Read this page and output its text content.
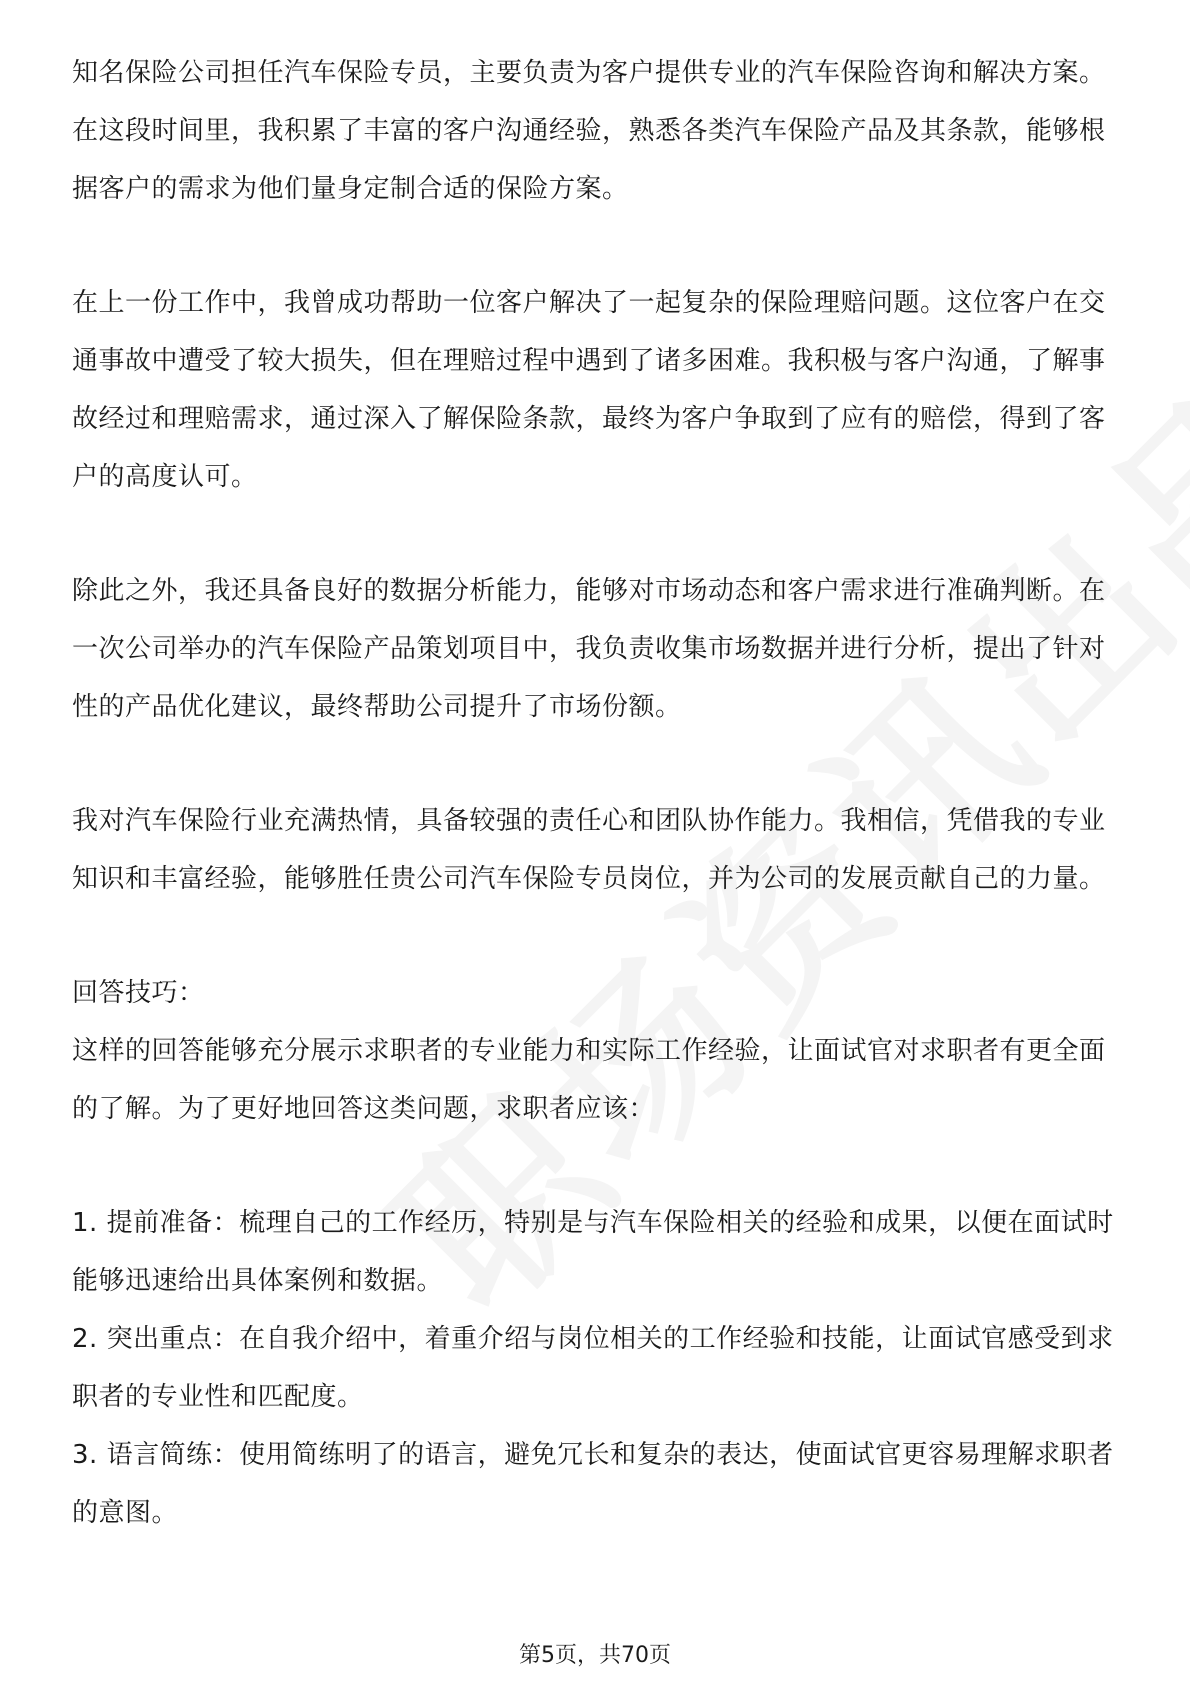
知名保险公司担任汽车保险专员，主要负责为客户提供专业的汽车保险咨询和解决方案。在这段时间里，我积累了丰富的客户沟通经验，熟悉各类汽车保险产品及其条款，能够根据客户的需求为他们量身定制合适的保险方案。

在上一份工作中，我曾成功帮助一位客户解决了一起复杂的保险理赔问题。这位客户在交通事故中遭受了较大损失，但在理赔过程中遇到了诸多困难。我积极与客户沟通，了解事故经过和理赔需求，通过深入了解保险条款，最终为客户争取到了应有的赔偿，得到了客户的高度认可。

除此之外，我还具备良好的数据分析能力，能够对市场动态和客户需求进行准确判断。在一次公司举办的汽车保险产品策划项目中，我负责收集市场数据并进行分析，提出了针对性的产品优化建议，最终帮助公司提升了市场份额。

我对汽车保险行业充满热情，具备较强的责任心和团队协作能力。我相信，凭借我的专业知识和丰富经验，能够胜任贵公司汽车保险专员岗位，并为公司的发展贡献自己的力量。

回答技巧：

这样的回答能够充分展示求职者的专业能力和实际工作经验，让面试官对求职者有更全面的了解。为了更好地回答这类问题，求职者应该：

1. 提前准备：梳理自己的工作经历，特别是与汽车保险相关的经验和成果，以便在面试时能够迅速给出具体案例和数据。

2. 突出重点：在自我介绍中，着重介绍与岗位相关的工作经验和技能，让面试官感受到求职者的专业性和匹配度。

3. 语言简练：使用简练明了的语言，避免冗长和复杂的表达，使面试官更容易理解求职者的意图。

第5页，共70页
